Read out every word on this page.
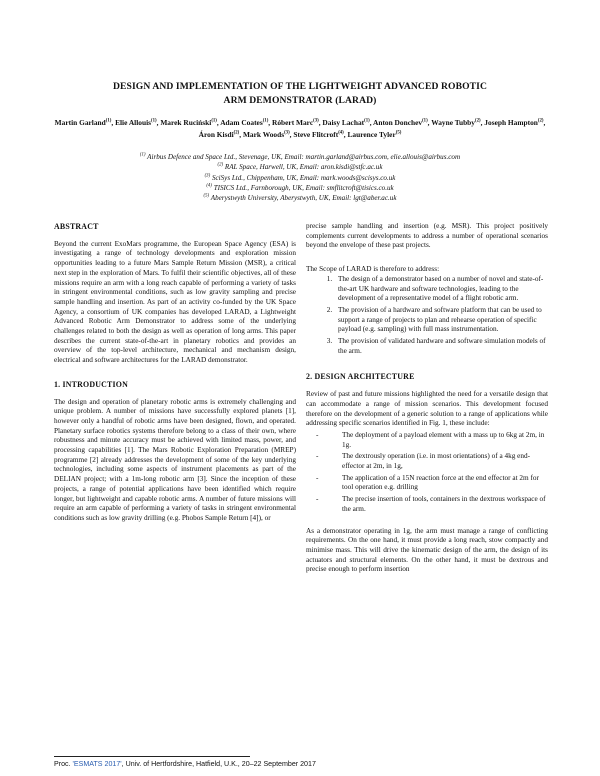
DESIGN AND IMPLEMENTATION OF THE LIGHTWEIGHT ADVANCED ROBOTIC
ARM DEMONSTRATOR (LARAD)
Martin Garland$^{(1)}$, Elie Allouis$^{(1)}$, Marek Ruciński$^{(1)}$, Adam Coates$^{(1)}$, Róbert Marc$^{(3)}$, Daisy Lachat$^{(1)}$, Anton Donchev$^{(1)}$, Wayne Tubby$^{(2)}$, Joseph Hampton$^{(2)}$, Áron Kisdi$^{(2)}$, Mark Woods$^{(3)}$, Steve Flitcroft$^{(4)}$, Laurence Tyler$^{(5)}$
$^{(1)}$ Airbus Defence and Space Ltd., Stevenage, UK, Email: martin.garland@airbus.com, elie.allouis@airbus.com
$^{(2)}$ RAL Space, Harwell, UK, Email: aron.kisdi@stfc.ac.uk
$^{(3)}$ SciSys Ltd., Chippenham, UK, Email: mark.woods@scisys.co.uk
$^{(4)}$ TISICS Ltd., Farnborough, UK, Email: smflitcroft@tisics.co.uk
$^{(5)}$ Aberystwyth University, Aberystwyth, UK, Email: lgt@aber.ac.uk
ABSTRACT

Beyond the current ExoMars programme, the European Space Agency (ESA) is investigating a range of technology developments and exploration mission opportunities leading to a future Mars Sample Return Mission (MSR), a critical next step in the exploration of Mars. To fulfil their scientific objectives, all of these missions require an arm with a long reach capable of performing a variety of tasks in stringent environmental conditions, such as low gravity sampling and precise sample handling and insertion. As part of an activity co-funded by the UK Space Agency, a consortium of UK companies has developed LARAD, a Lightweight Advanced Robotic Arm Demonstrator to address some of the underlying challenges related to both the design as well as operation of long arms. This paper describes the current state-of-the-art in planetary robotics and provides an overview of the top-level architecture, mechanical and mechanism design, electrical and software architectures for the LARAD demonstrator.

1. INTRODUCTION

The design and operation of planetary robotic arms is extremely challenging and unique problem. A number of missions have successfully explored planets [1], however only a handful of robotic arms have been designed, flown, and operated. Planetary surface robotics systems therefore belong to a class of their own, where robustness and minute accuracy must be achieved with limited mass, power, and processing capabilities [1]. The Mars Robotic Exploration Preparation (MREP) programme [2] already addresses the development of some of the key underlying technologies, including some aspects of instrument placements as part of the DELIAN project; with a 1m-long robotic arm [3]. Since the inception of these projects, a range of potential applications have been identified which require longer, but lightweight and capable robotic arms. A number of future missions will require an arm capable of performing a variety of tasks in stringent environmental conditions such as low gravity drilling (e.g. Phobos Sample Return [4]), or

precise sample handling and insertion (e.g. MSR). This project positively complements current developments to address a number of operational scenarios beyond the envelope of these past projects.

The Scope of LARAD is therefore to address:

1. The design of a demonstrator based on a number of novel and state-of-the-art UK hardware and software technologies, leading to the development of a representative model of a flight robotic arm.
2. The provision of a hardware and software platform that can be used to support a range of projects to plan and rehearse operation of specific payload (e.g. sampling) with full mass instrumentation.
3. The provision of validated hardware and software simulation models of the arm.
2. DESIGN ARCHITECTURE

Review of past and future missions highlighted the need for a versatile design that can accommodate a range of mission scenarios. This development focused therefore on the development of a generic solution to a range of applications while addressing specific scenarios identified in Fig. 1, these include:

- The deployment of a payload element with a mass up to 6kg at 2m, in 1g.
- The dextrously operation (i.e. in most orientations) of a 4kg end-effector at 2m, in 1g,
- The application of a 15N reaction force at the end effector at 2m for tool operation e.g. drilling
- The precise insertion of tools, containers in the dextrous workspace of the arm.

As a demonstrator operating in 1g, the arm must manage a range of conflicting requirements. On the one hand, it must provide a long reach, stow compactly and minimise mass. This will drive the kinematic design of the arm, the design of its actuators and structural elements. On the other hand, it must be dextrous and precise enough to perform insertion

Proc. 'ESMATS 2017', Univ. of Hertfordshire, Hatfield, U.K., 20–22 September 2017
